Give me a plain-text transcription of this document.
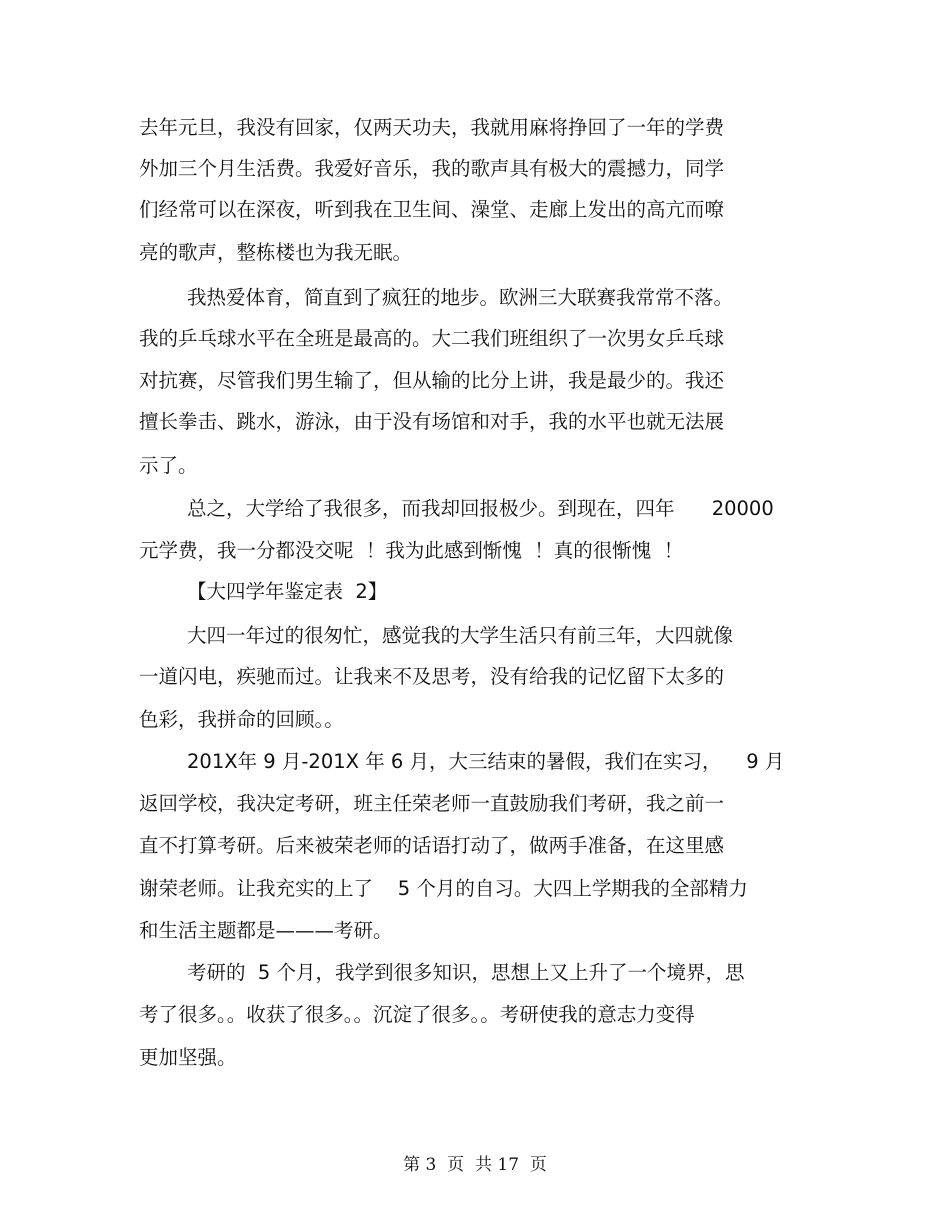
去年元旦，我没有回家，仅两天功夫，我就用麻将挣回了一年的学费
外加三个月生活费。我爱好音乐，我的歌声具有极大的震撼力，同学
们经常可以在深夜，听到我在卫生间、澡堂、走廊上发出的高亢而嘹
亮的歌声，整栋楼也为我无眠。
我热爱体育，简直到了疯狂的地步。欧洲三大联赛我常常不落。
我的乒乓球水平在全班是最高的。大二我们班组织了一次男女乒乓球
对抗赛，尽管我们男生输了，但从输的比分上讲，我是最少的。我还
擅长拳击、跳水，游泳，由于没有场馆和对手，我的水平也就无法展
示了。
总之，大学给了我很多，而我却回报极少。到现在，四年      20000
元学费，我一分都没交呢  ！我为此感到惭愧  ！真的很惭愧  ！
【大四学年鉴定表  2】
大四一年过的很匆忙，感觉我的大学生活只有前三年，大四就像
一道闪电，疾驰而过。让我来不及思考，没有给我的记忆留下太多的
色彩，我拼命的回顾。。
201X年 9 月-201X 年 6 月，大三结束的暑假，我们在实习，    9 月
返回学校，我决定考研，班主任荣老师一直鼓励我们考研，我之前一
直不打算考研。后来被荣老师的话语打动了，做两手准备，在这里感
谢荣老师。让我充实的上了    5 个月的自习。大四上学期我的全部精力
和生活主题都是———考研。
考研的  5 个月，我学到很多知识，思想上又上升了一个境界，思
考了很多。。收获了很多。。沉淀了很多。。考研使我的意志力变得
更加坚强。
第 3  页  共 17  页
